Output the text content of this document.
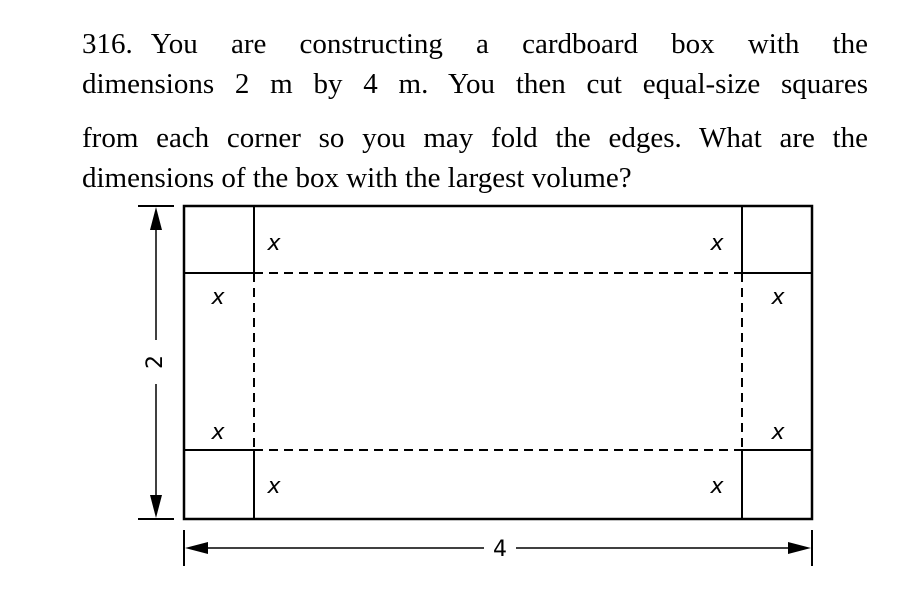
316. You are constructing a cardboard box with the
dimensions 2 m by 4 m. You then cut equal-size squares
from each corner so you may fold the edges. What are the
dimensions of the box with the largest volume?
x	x
x	x
x	x
x	x
2
4
